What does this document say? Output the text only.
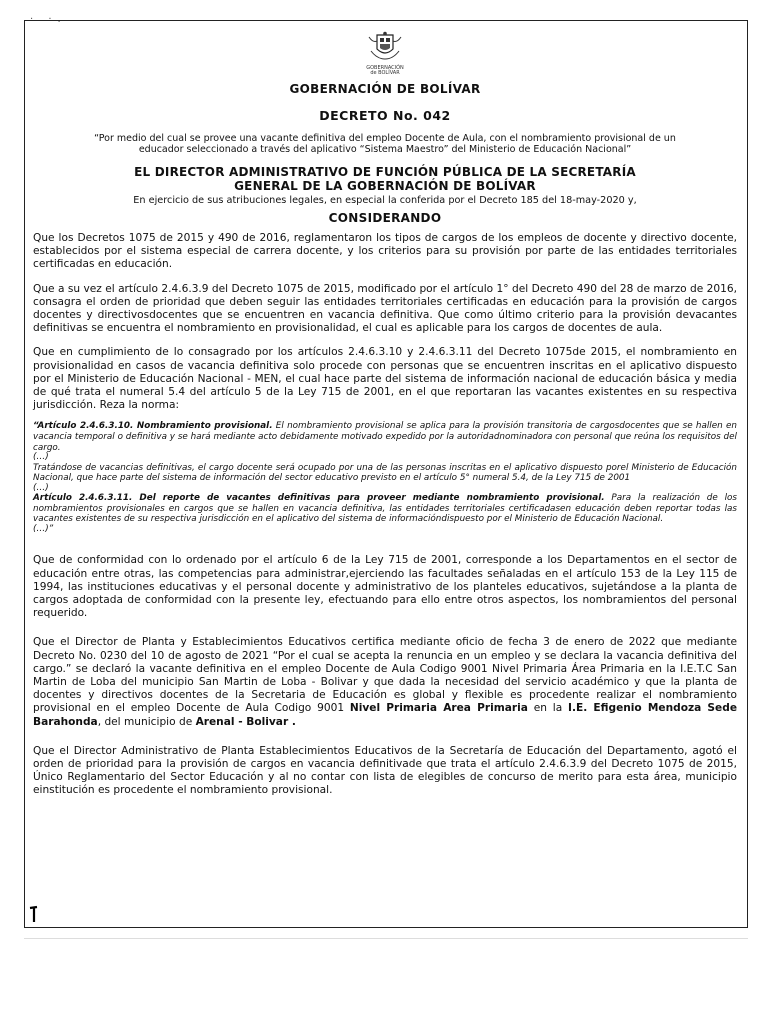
· ·.
GOBERNACIÓN
de BOLÍVAR
GOBERNACIÓN DE BOLÍVAR
DECRETO No. 042
“Por medio del cual se provee una vacante definitiva del empleo Docente de Aula, con el nombramiento provisional de un educador seleccionado a través del aplicativo “Sistema Maestro” del Ministerio de Educación Nacional”
EL DIRECTOR ADMINISTRATIVO DE FUNCIÓN PÚBLICA DE LA SECRETARÍA
GENERAL DE LA GOBERNACIÓN DE BOLÍVAR
En ejercicio de sus atribuciones legales, en especial la conferida por el Decreto 185 del 18-may-2020 y,
CONSIDERANDO

Que los Decretos 1075 de 2015 y 490 de 2016, reglamentaron los tipos de cargos de los empleos de docente y directivo docente, establecidos por el sistema especial de carrera docente, y los criterios para su provisión por parte de las entidades territoriales certificadas en educación.

Que a su vez el artículo 2.4.6.3.9 del Decreto 1075 de 2015, modificado por el artículo 1° del Decreto 490 del 28 de marzo de 2016, consagra el orden de prioridad que deben seguir las entidades territoriales certificadas en educación para la provisión de cargos docentes y directivosdocentes que se encuentren en vacancia definitiva. Que como último criterio para la provisión devacantes definitivas se encuentra el nombramiento en provisionalidad, el cual es aplicable para los cargos de docentes de aula.

Que en cumplimiento de lo consagrado por los artículos 2.4.6.3.10 y 2.4.6.3.11 del Decreto 1075de 2015, el nombramiento en provisionalidad en casos de vacancia definitiva solo procede con personas que se encuentren inscritas en el aplicativo dispuesto por el Ministerio de Educación Nacional - MEN, el cual hace parte del sistema de información nacional de educación básica y media de qué trata el numeral 5.4 del artículo 5 de la Ley 715 de 2001, en el que reportaran las vacantes existentes en su respectiva jurisdicción. Reza la norma:

“Artículo 2.4.6.3.10. Nombramiento provisional. El nombramiento provisional se aplica para la provisión transitoria de cargosdocentes que se hallen en vacancia temporal o definitiva y se hará mediante acto debidamente motivado expedido por la autoridadnominadora con personal que reúna los requisitos del cargo.

(…)

Tratándose de vacancias definitivas, el cargo docente será ocupado por una de las personas inscritas en el aplicativo dispuesto porel Ministerio de Educación Nacional, que hace parte del sistema de información del sector educativo previsto en el artículo 5° numeral 5.4, de la Ley 715 de 2001

(…)

Artículo 2.4.6.3.11. Del reporte de vacantes definitivas para proveer mediante nombramiento provisional. Para la realización de los nombramientos provisionales en cargos que se hallen en vacancia definitiva, las entidades territoriales certificadasen educación deben reportar todas las vacantes existentes de su respectiva jurisdicción en el aplicativo del sistema de informacióndispuesto por el Ministerio de Educación Nacional.

(…)”

Que de conformidad con lo ordenado por el artículo 6 de la Ley 715 de 2001, corresponde a los Departamentos en el sector de educación entre otras, las competencias para administrar,ejerciendo las facultades señaladas en el artículo 153 de la Ley 115 de 1994, las instituciones educativas y el personal docente y administrativo de los planteles educativos, sujetándose a la planta de cargos adoptada de conformidad con la presente ley, efectuando para ello entre otros aspectos, los nombramientos del personal requerido.

Que el Director de Planta y Establecimientos Educativos certifica mediante oficio de fecha 3 de enero de 2022 que mediante Decreto No. 0230 del 10 de agosto de 2021 “Por el cual se acepta la renuncia en un empleo y se declara la vacancia definitiva del cargo.” se declaró la vacante definitiva en el empleo Docente de Aula Codigo 9001 Nivel Primaria Área Primaria en la I.E.T.C San Martin de Loba del municipio San Martin de Loba - Bolivar y que dada la necesidad del servicio académico y que la planta de docentes y directivos docentes de la Secretaria de Educación es global y flexible es procedente realizar el nombramiento provisional en el empleo Docente de Aula Codigo 9001 Nivel Primaria Area Primaria en la I.E. Efigenio Mendoza Sede Barahonda, del municipio de Arenal - Bolivar .

Que el Director Administrativo de Planta Establecimientos Educativos de la Secretaría de Educación del Departamento, agotó el orden de prioridad para la provisión de cargos en vacancia definitivade que trata el artículo 2.4.6.3.9 del Decreto 1075 de 2015, Único Reglamentario del Sector Educación y al no contar con lista de elegibles de concurso de merito para esta área, municipio einstitución es procedente el nombramiento provisional.
